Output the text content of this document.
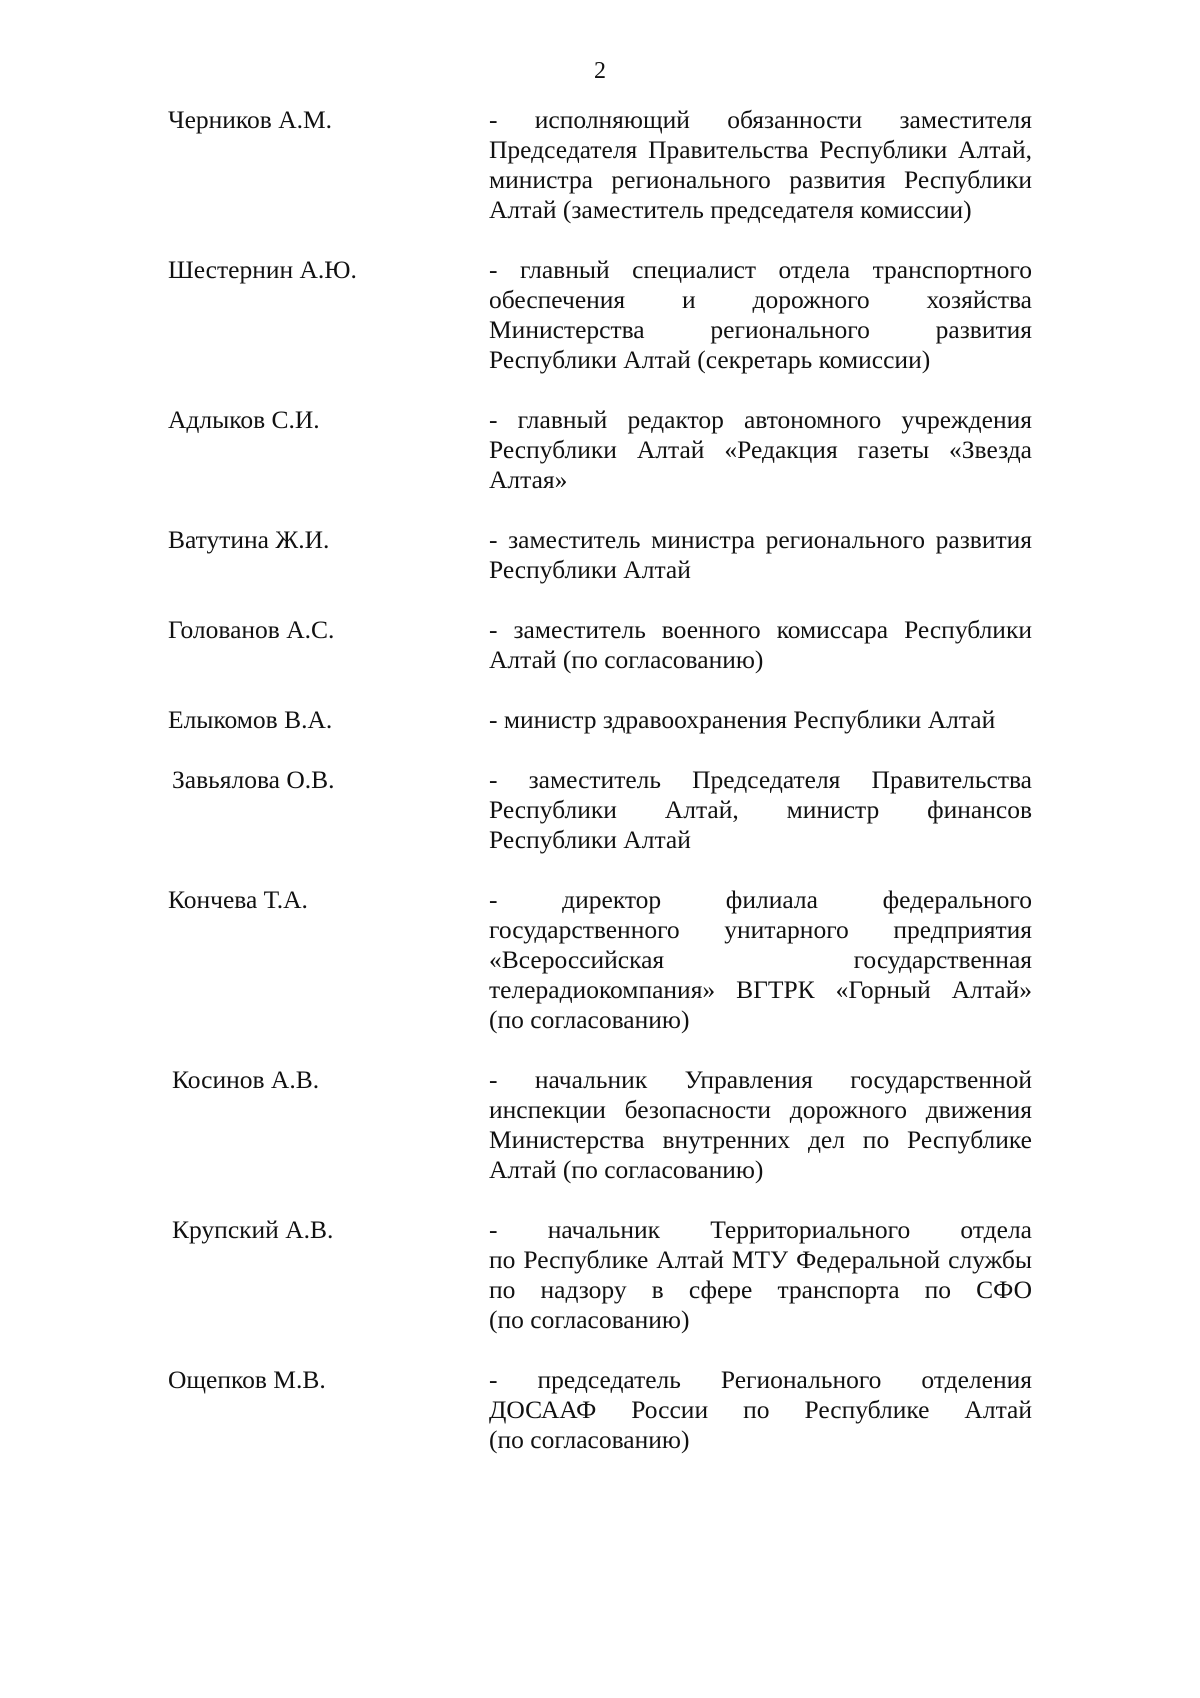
2
Черников А.М.	- исполняющий обязанности заместителя
Председателя Правительства Республики Алтай,
министра регионального развития Республики
Алтай (заместитель председателя комиссии)
Шестернин А.Ю.	- главный специалист отдела транспортного
обеспечения и дорожного хозяйства
Министерства регионального развития
Республики Алтай (секретарь комиссии)
Адлыков С.И.	- главный редактор автономного учреждения
Республики Алтай «Редакция газеты «Звезда
Алтая»
Ватутина Ж.И.	- заместитель министра регионального развития
Республики Алтай
Голованов А.С.	- заместитель военного комиссара Республики
Алтай (по согласованию)
Елыкомов В.А.	- министр здравоохранения Республики Алтай
Завьялова О.В.	- заместитель Председателя Правительства
Республики Алтай, министр финансов
Республики Алтай
Кончева Т.А.	- директор филиала федерального
государственного унитарного предприятия
«Всероссийская государственная
телерадиокомпания» ВГТРК «Горный Алтай»
(по согласованию)
Косинов А.В.	- начальник Управления государственной
инспекции безопасности дорожного движения
Министерства внутренних дел по Республике
Алтай (по согласованию)
Крупский А.В.	- начальник Территориального отдела
по Республике Алтай МТУ Федеральной службы
по надзору в сфере транспорта по СФО
(по согласованию)
Ощепков М.В.	- председатель Регионального отделения
ДОСААФ России по Республике Алтай
(по согласованию)
